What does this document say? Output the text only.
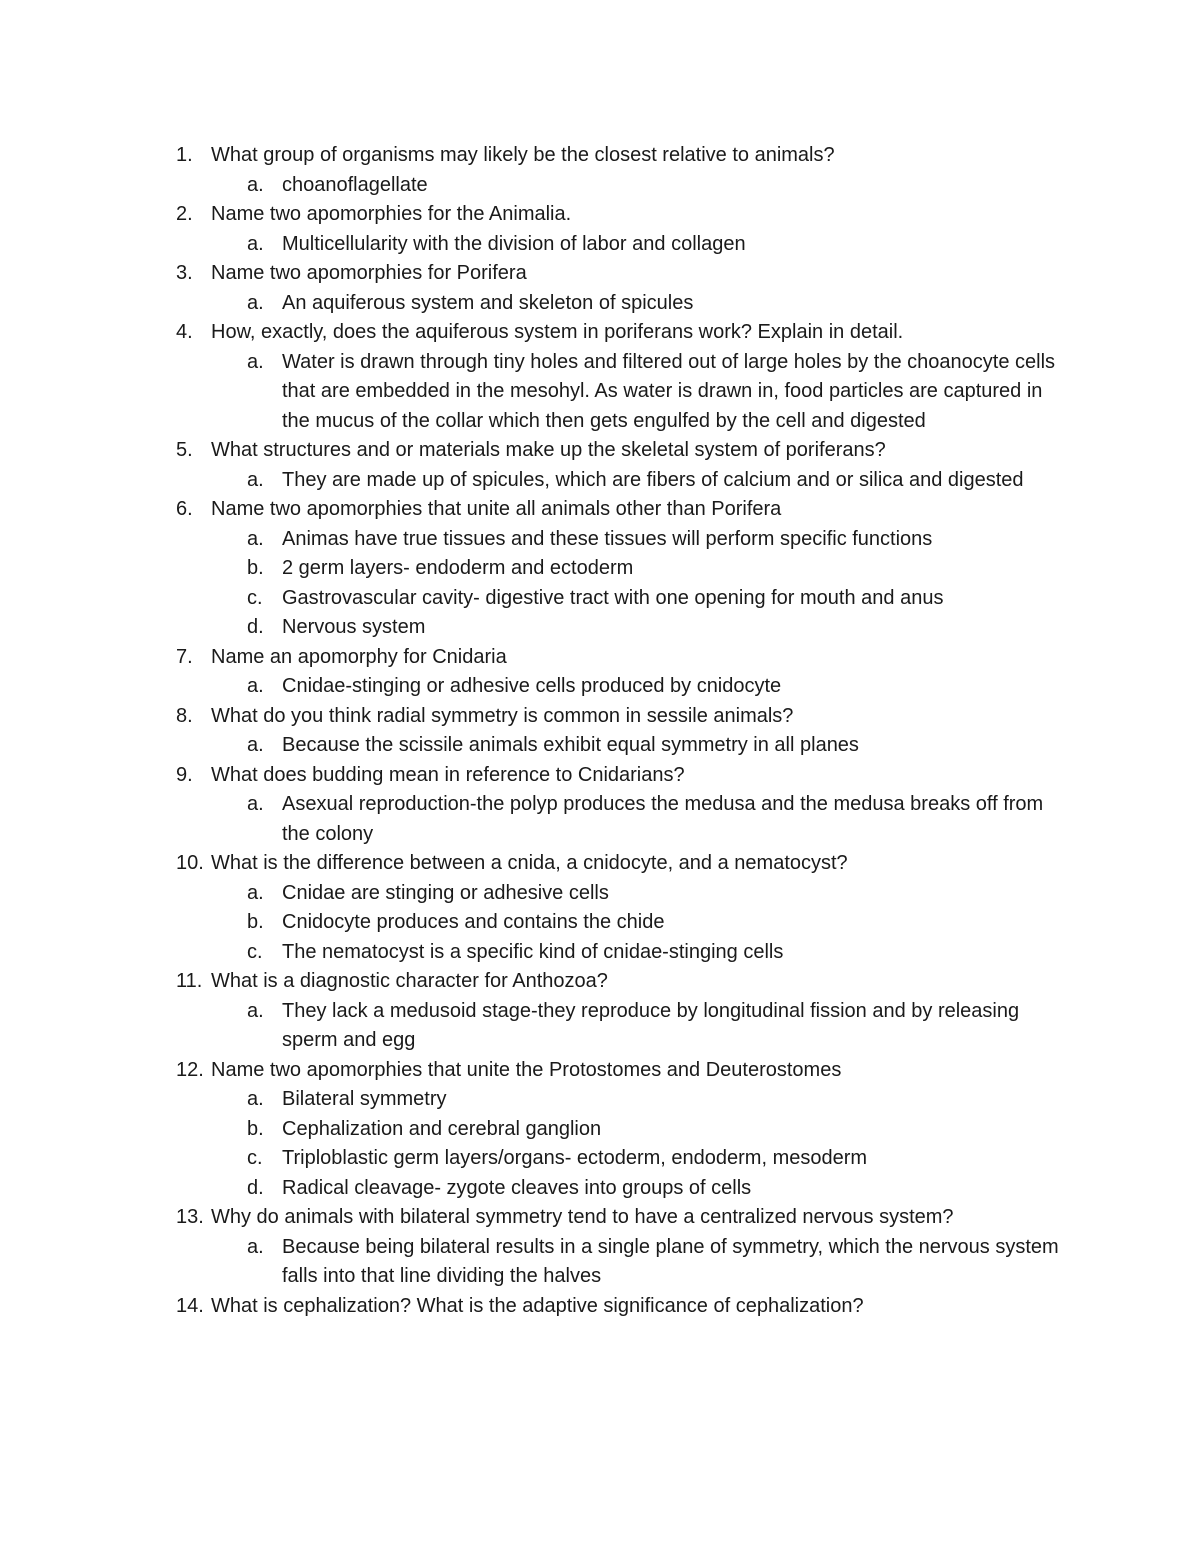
1. What group of organisms may likely be the closest relative to animals?
a. choanoflagellate
2. Name two apomorphies for the Animalia.
a. Multicellularity with the division of labor and collagen
3. Name two apomorphies for Porifera
a. An aquiferous system and skeleton of spicules
4. How, exactly, does the aquiferous system in poriferans work? Explain in detail.
a. Water is drawn through tiny holes and filtered out of large holes by the choanocyte cells that are embedded in the mesohyl. As water is drawn in, food particles are captured in the mucus of the collar which then gets engulfed by the cell and digested
5. What structures and or materials make up the skeletal system of poriferans?
a. They are made up of spicules, which are fibers of calcium and or silica and digested
6. Name two apomorphies that unite all animals other than Porifera
a. Animas have true tissues and these tissues will perform specific functions
b. 2 germ layers- endoderm and ectoderm
c. Gastrovascular cavity- digestive tract with one opening for mouth and anus
d. Nervous system
7. Name an apomorphy for Cnidaria
a. Cnidae-stinging or adhesive cells produced by cnidocyte
8. What do you think radial symmetry is common in sessile animals?
a. Because the scissile animals exhibit equal symmetry in all planes
9. What does budding mean in reference to Cnidarians?
a. Asexual reproduction-the polyp produces the medusa and the medusa breaks off from the colony
10. What is the difference between a cnida, a cnidocyte, and a nematocyst?
a. Cnidae are stinging or adhesive cells
b. Cnidocyte produces and contains the chide
c. The nematocyst is a specific kind of cnidae-stinging cells
11. What is a diagnostic character for Anthozoa?
a. They lack a medusoid stage-they reproduce by longitudinal fission and by releasing sperm and egg
12. Name two apomorphies that unite the Protostomes and Deuterostomes
a. Bilateral symmetry
b. Cephalization and cerebral ganglion
c. Triploblastic germ layers/organs- ectoderm, endoderm, mesoderm
d. Radical cleavage- zygote cleaves into groups of cells
13. Why do animals with bilateral symmetry tend to have a centralized nervous system?
a. Because being bilateral results in a single plane of symmetry, which the nervous system falls into that line dividing the halves
14. What is cephalization? What is the adaptive significance of cephalization?
